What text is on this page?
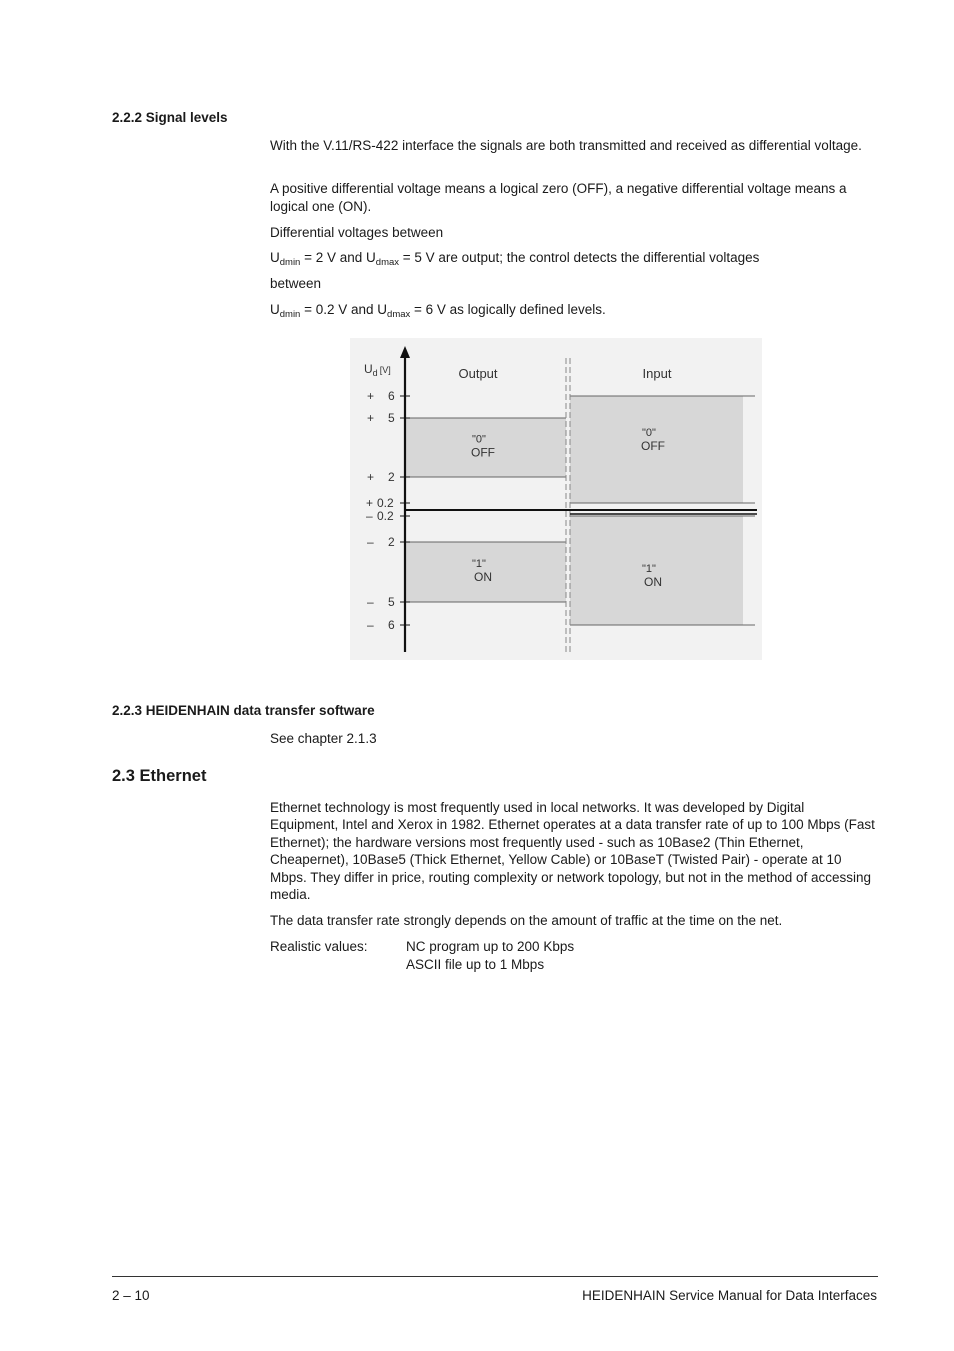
2.2.2 Signal levels
With the V.11/RS-422 interface the signals are both transmitted and received as differential voltage.
A positive differential voltage means a logical zero (OFF), a negative differential voltage means a logical one (ON).
Differential voltages between
$U_{dmin} = 2$ V and $U_{dmax} = 5$ V are output; the control detects the differential voltages
between
$U_{dmin} = 0.2$ V and $U_{dmax} = 6$ V as logically defined levels.
+ 6
+ 5
+ 2
+ 0.2
– 0.2
– 2
– 5
– 6
$U_d$ [V]	Output	Input
"0"
OFF
"1"
ON
"0"
OFF
"1"
ON
2.2.3 HEIDENHAIN data transfer software
See chapter 2.1.3
2.3 Ethernet
Ethernet technology is most frequently used in local networks. It was developed by Digital Equipment, Intel and Xerox in 1982. Ethernet operates at a data transfer rate of up to 100 Mbps (Fast Ethernet); the hardware versions most frequently used - such as 10Base2 (Thin Ethernet, Cheapernet), 10Base5 (Thick Ethernet, Yellow Cable) or 10BaseT (Twisted Pair) - operate at 10 Mbps. They differ in price, routing complexity or network topology, but not in the method of accessing media.
The data transfer rate strongly depends on the amount of traffic at the time on the net.
Realistic values:	NC program up to 200 Kbps
ASCII file up to 1 Mbps
2 – 10	HEIDENHAIN Service Manual for Data Interfaces
